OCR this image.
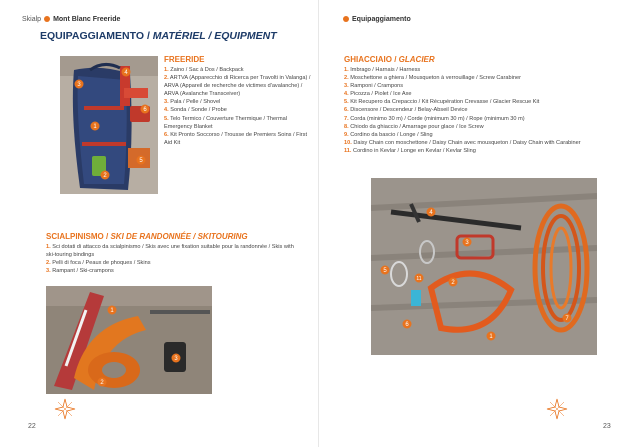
Skialp Mont Blanc Freeride
EQUIPAGGIAMENTO / MATÉRIEL / EQUIPMENT
1
2
3
4
5
6
FREERIDE
1. Zaino / Sac à Dos / Backpack
2. ARTVA (Apparecchio di Ricerca per Travolti in Valanga) / ARVA (Appareil de recherche de victimes d'avalanche) / ARVA (Avalanche Transceiver)
3. Pala / Pelle / Shovel
4. Sonda / Sonde / Probe
5. Telo Termico / Couverture Thermique / Thermal Emergency Blanket
6. Kit Pronto Soccorso / Trousse de Premiers Soins / First Aid Kit
SCIALPINISMO / SKI DE RANDONNÉE / SKITOURING
1. Sci dotati di attacco da scialpinismo / Skis avec une fixation suitable pour la randonnée / Skis with ski-touring bindings
2. Pelli di foca / Peaux de phoques / Skins
3. Rampant / Ski-crampons
1
2
3
22
Equipaggiamento
GHIACCIAIO / GLACIER
1. Imbrago / Harnais / Harness
2. Moschettone a ghiera / Mousqueton à verrouillage / Screw Carabiner
3. Ramponi / Crampons
4. Picozza / Piolet / Ice Axe
5. Kit Recupero da Crepaccio / Kit Récupération Crevasse / Glacier Rescue Kit
6. Discensore / Descendeur / Belay-Abseil Device
7. Corda (minimo 30 m) / Corde (minimum 30 m) / Rope (minimum 30 m)
8. Chiodo da ghiaccio / Amarrage pour glace / Ice Screw
9. Cordino da bascio / Longe / Sling
10. Daisy Chain con moschettone / Daisy Chain avec mousqueton / Daisy Chain with Carabiner
11. Cordino in Kevlar / Longe en Kevlar / Kevlar Sling
1
2
3
4
5
6
7
11
23
